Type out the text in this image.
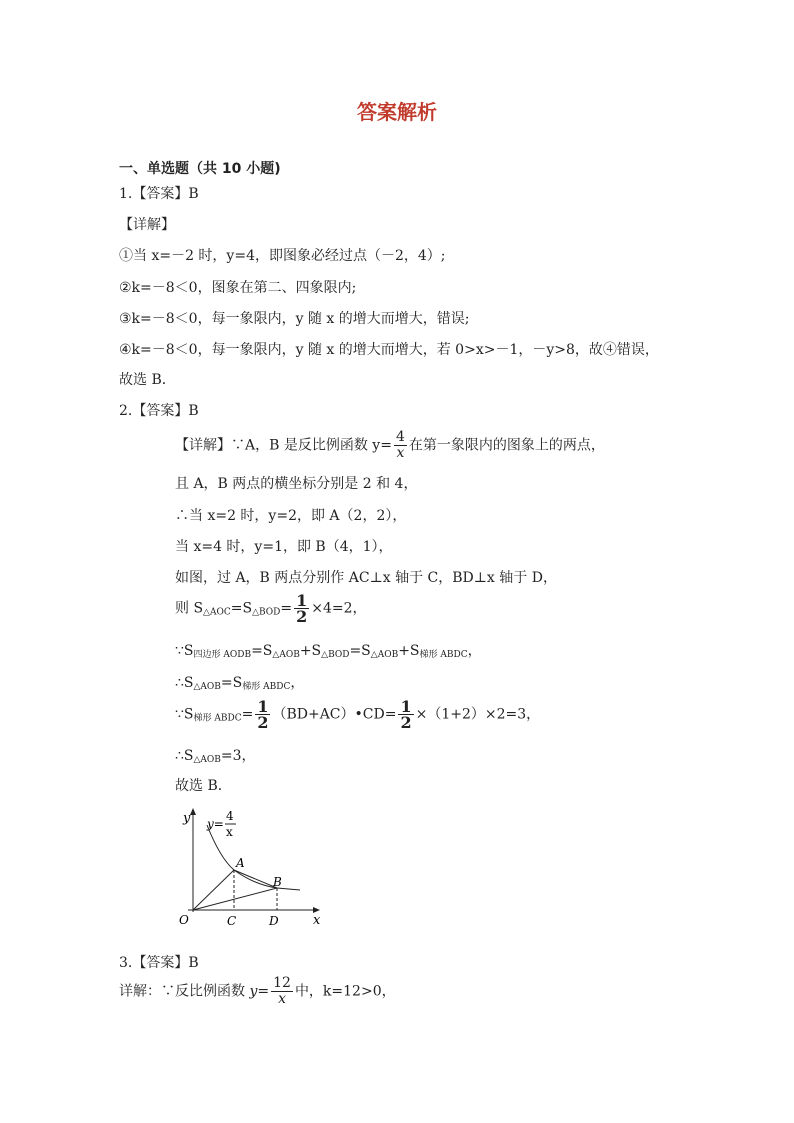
答案解析
一、单选题（共 10 小题)
1.【答案】B
【详解】
①当 x=－2 时，y=4，即图象必经过点（－2，4）;
②k=－8＜0，图象在第二、四象限内;
③k=－8＜0，每一象限内，y 随 x 的增大而增大，错误;
④k=－8＜0，每一象限内，y 随 x 的增大而增大，若 0>x>－1，－y>8，故④错误，
故选 B．
2.【答案】B
【详解】∵A，B 是反比例函数 $y= \frac{4}{x}$ 在第一象限内的图象上的两点，
且 A，B 两点的横坐标分别是 2 和 4，
∴当 x=2 时，y=2，即 A（2，2），
当 x=4 时，y=1，即 B（4，1），
如图，过 A，B 两点分别作 AC⊥x 轴于 C，BD⊥x 轴于 D，
则 $S_{\triangle AOC}=S_{\triangle BOD}= \frac{1}{2} \times 4=2$，
$\because S_{四边形 AODB}=S_{\triangle AOB}+S_{\triangle BOD}=S_{\triangle AOB}+S_{梯形 ABDC}$，
$\therefore S_{\triangle AOB}=S_{梯形 ABDC}$，
$\because S_{梯形 ABDC}= \frac{1}{2}$ （BD+AC）•CD= $\frac{1}{2} \times(1+2)\times 2=3$，
$\therefore S_{\triangle AOB}=3$，
故选 B．
y y=
4
x
A
B
O	C	D	x
3.【答案】B
详解：∵反比例函数 $y= \frac{12}{x}$ 中，k=12>0，
